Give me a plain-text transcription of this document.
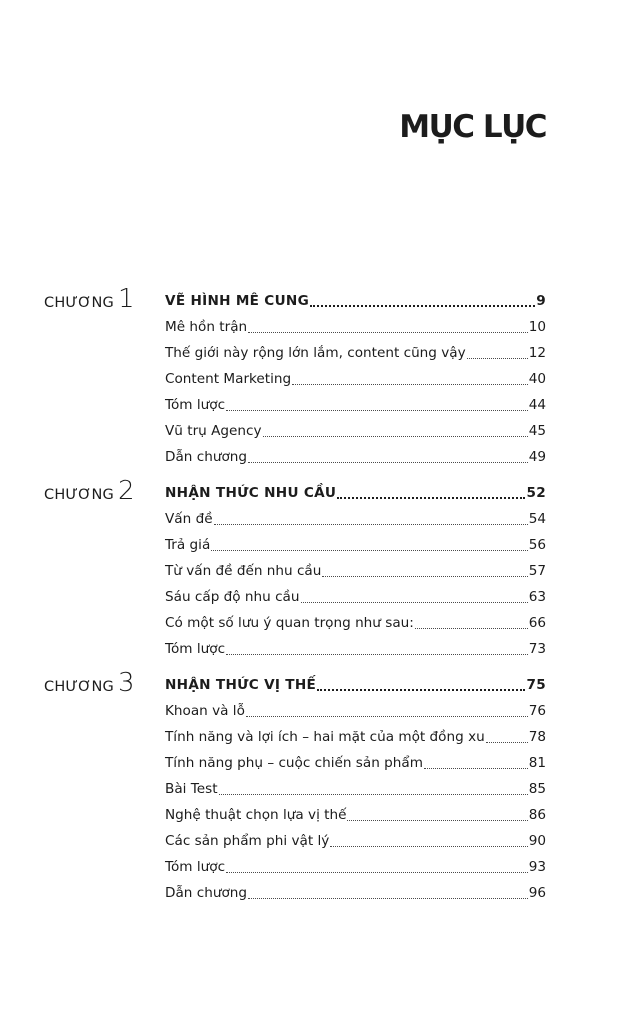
MỤC LỤC
CHƯƠNG 1 VẼ HÌNH MÊ CUNG	9
Mê hồn trận	10
Thế giới này rộng lớn lắm, content cũng vậy	12
Content Marketing	40
Tóm lược	44
Vũ trụ Agency	45
Dẫn chương	49
CHƯƠNG 2 NHẬN THỨC NHU CẦU	52
Vấn đề	54
Trả giá	56
Từ vấn đề đến nhu cầu	57
Sáu cấp độ nhu cầu	63
Có một số lưu ý quan trọng như sau:	66
Tóm lược	73
CHƯƠNG 3 NHẬN THỨC VỊ THẾ	75
Khoan và lỗ	76
Tính năng và lợi ích – hai mặt của một đồng xu	78
Tính năng phụ – cuộc chiến sản phẩm	81
Bài Test	85
Nghệ thuật chọn lựa vị thế	86
Các sản phẩm phi vật lý	90
Tóm lược	93
Dẫn chương	96
